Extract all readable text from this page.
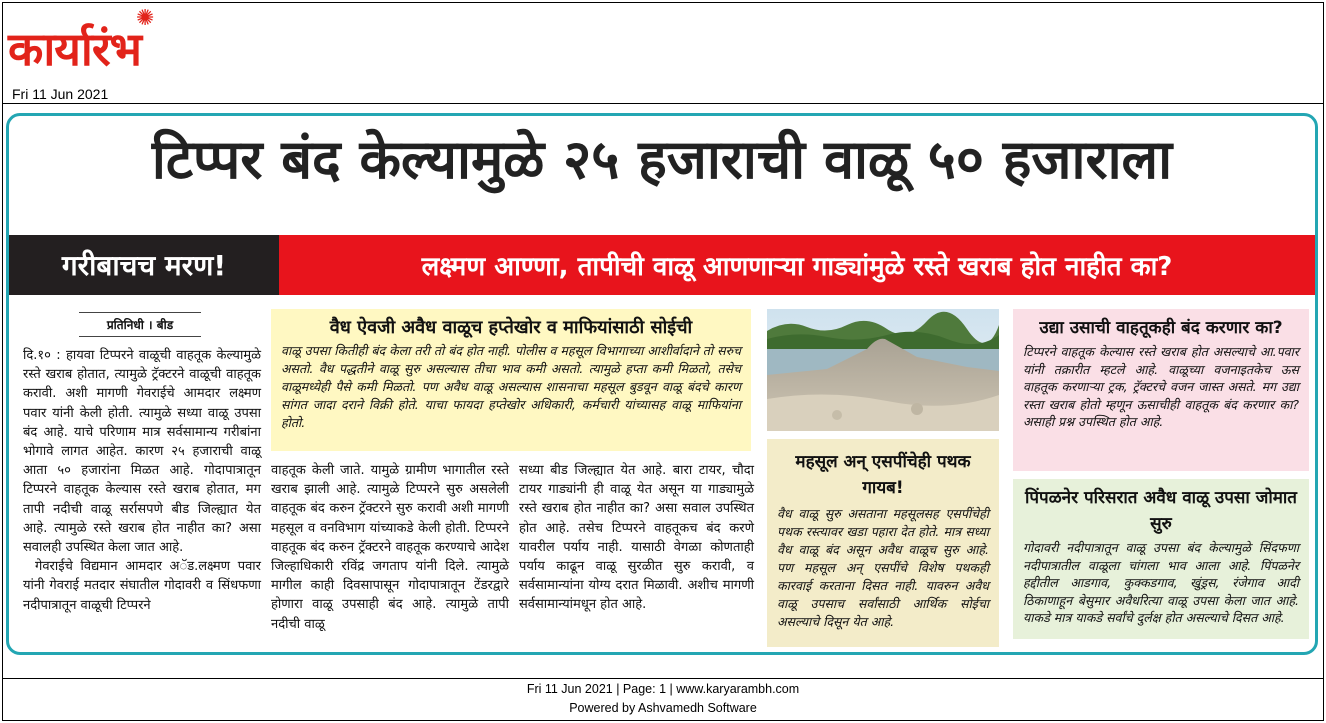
✺
कार्यारंभ
Fri 11 Jun 2021
टिप्पर बंद केल्यामुळे २५ हजाराची वाळू ५० हजाराला
गरीबाचच मरण!	लक्ष्मण आण्णा, तापीची वाळू आणणाऱ्या गाड्यांमुळे रस्ते खराब होत नाहीत का?
प्रतिनिधी । बीड

दि.१० : हायवा टिप्परने वाळूची वाहतूक केल्यामुळे रस्ते खराब होतात, त्यामुळे ट्रॅक्टरने वाळूची वाहतूक करावी. अशी मागणी गेवराईचे आमदार लक्ष्मण पवार यांनी केली होती. त्यामुळे सध्या वाळू उपसा बंद आहे. याचे परिणाम मात्र सर्वसामान्य गरीबांना भोगावे लागत आहेत. कारण २५ हजाराची वाळू आता ५० हजारांना मिळत आहे. गोदापात्रातून टिप्परने वाहतूक केल्यास रस्ते खराब होतात, मग तापी नदीची वाळू सर्रासपणे बीड जिल्ह्यात येत आहे. त्यामुळे रस्ते खराब होत नाहीत का? असा सवालही उपस्थित केला जात आहे.

गेवराईचे विद्यमान आमदार अॅड.लक्ष्मण पवार यांनी गेवराई मतदार संघातील गोदावरी व सिंधफणा नदीपात्रातून वाळूची टिप्परने

वैध ऐवजी अवैध वाळूच हप्तेखोर व माफियांसाठी सोईची
वाळू उपसा कितीही बंद केला तरी तो बंद होत नाही. पोलीस व महसूल विभागाच्या आशीर्वादाने तो सरुच असतो. वैध पद्धतीने वाळू सुरु असल्यास तीचा भाव कमी असतो. त्यामुळे हप्ता कमी मिळतो, तसेच वाळूमध्येही पैसे कमी मिळतो. पण अवैध वाळू असल्यास शासनाचा महसूल बुडवून वाळू बंदचे कारण सांगत जादा दराने विक्री होते. याचा फायदा हप्तेखोर अधिकारी, कर्मचारी यांच्यासह वाळू माफियांना होतो.
वाहतूक केली जाते. यामुळे ग्रामीण भागातील रस्ते खराब झाली आहे. त्यामुळे टिप्परने सुरु असलेली वाहतूक बंद करुन ट्रॅक्टरने सुरु करावी अशी मागणी महसूल व वनविभाग यांच्याकडे केली होती. टिप्परने वाहतूक बंद करुन ट्रॅक्टरने वाहतूक करण्याचे आदेश जिल्हाधिकारी रविंद्र जगताप यांनी दिले. त्यामुळे मागील काही दिवसापासून गोदापात्रातून टेंडरद्वारे होणारा वाळू उपसाही बंद आहे. त्यामुळे तापी नदीची वाळू
सध्या बीड जिल्ह्यात येत आहे. बारा टायर, चौदा टायर गाड्यांनी ही वाळू येत असून या गाड्यामुळे रस्ते खराब होत नाहीत का? असा सवाल उपस्थित होत आहे. तसेच टिप्परने वाहतूकच बंद करणे यावरील पर्याय नाही. यासाठी वेगळा कोणताही पर्याय काढून वाळू सुरळीत सुरु करावी, व सर्वसामान्यांना योग्य दरात मिळावी. अशीच मागणी सर्वसामान्यांमधून होत आहे.
महसूल अन् एसपींचेही पथक गायब!
वैध वाळू सुरु असताना महसूलसह एसपींचेही पथक रस्त्यावर खडा पहारा देत होते. मात्र सध्या वैध वाळू बंद असून अवैध वाळूच सुरु आहे. पण महसूल अन् एसपींचे विशेष पथकही कारवाई करताना दिसत नाही. यावरुन अवैध वाळू उपसाच सर्वांसाठी आर्थिक सोईचा असल्याचे दिसून येत आहे.
उद्या उसाची वाहतूकही बंद करणार का?
टिप्परने वाहतूक केल्यास रस्ते खराब होत असल्याचे आ.पवार यांनी तक्रारीत म्हटले आहे. वाळूच्या वजनाइतकेच ऊस वाहतूक करणाऱ्या ट्रक, ट्रॅक्टरचे वजन जास्त असते. मग उद्या रस्ता खराब होतो म्हणून ऊसाचीही वाहतूक बंद करणार का? असाही प्रश्न उपस्थित होत आहे.
पिंपळनेर परिसरात अवैध वाळू उपसा जोमात सुरु
गोदावरी नदीपात्रातून वाळू उपसा बंद केल्यामुळे सिंदफणा नदीपात्रातील वाळूला चांगला भाव आला आहे. पिंपळनेर हद्दीतील आडगाव, कुक्कडगाव, खुंड्रस, रंजेगाव आदी ठिकाणाहून बेसुमार अवैधरित्या वाळू उपसा केला जात आहे. याकडे मात्र याकडे सर्वांचे दुर्लक्ष होत असल्याचे दिसत आहे.
Fri 11 Jun 2021 | Page: 1 | www.karyarambh.com
Powered by Ashvamedh Software
